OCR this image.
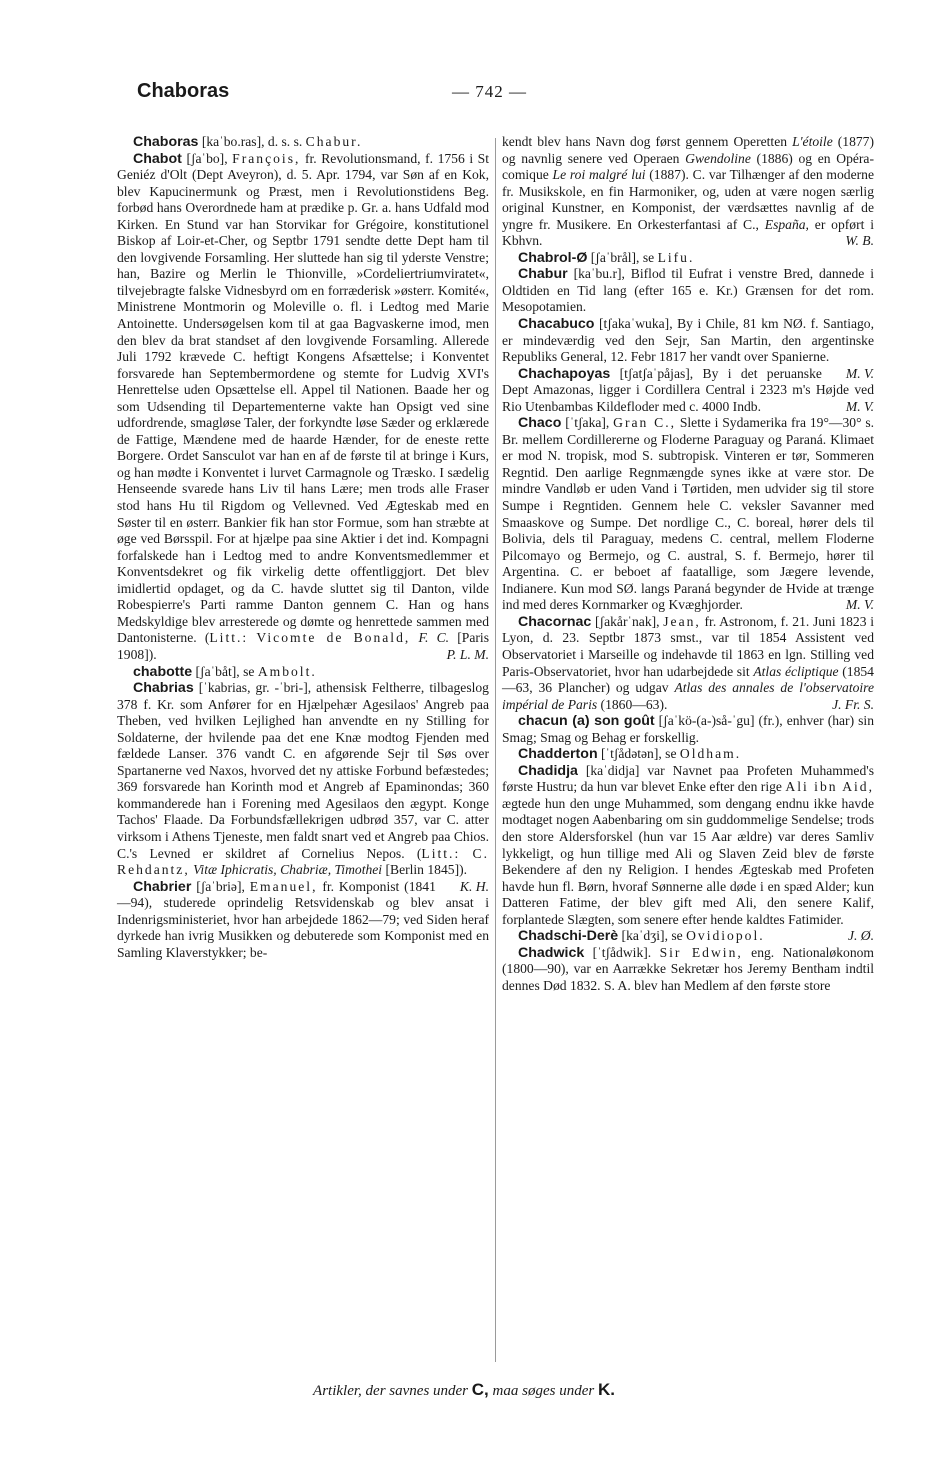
Chaboras	— 742 —

Chaboras [kaˈbo.ras], d. s. s. Chabur.

Chabot [ʃaˈbo], François, fr. Revolutionsmand, f. 1756 i St Geniéz d'Olt (Dept Aveyron), d. 5. Apr. 1794, var Søn af en Kok, blev Kapucinermunk og Præst, men i Revolutionstidens Beg. forbød hans Overordnede ham at prædike p. Gr. a. hans Udfald mod Kirken. En Stund var han Storvikar for Grégoire, konstitutionel Biskop af Loir-et-Cher, og Septbr 1791 sendte dette Dept ham til den lovgivende Forsamling. Her sluttede han sig til yderste Venstre; han, Bazire og Merlin le Thionville, »Cordeliertriumviratet«, tilvejebragte falske Vidnesbyrd om en forræderisk »østerr. Komité«, Ministrene Montmorin og Moleville o. fl. i Ledtog med Marie Antoinette. Undersøgelsen kom til at gaa Bagvaskerne imod, men den blev da brat standset af den lovgivende Forsamling. Allerede Juli 1792 krævede C. heftigt Kongens Afsættelse; i Konventet forsvarede han Septembermordene og stemte for Ludvig XVI's Henrettelse uden Opsættelse ell. Appel til Nationen. Baade her og som Udsending til Departementerne vakte han Opsigt ved sine udfordrende, smagløse Taler, der forkyndte løse Sæder og erklærede de Fattige, Mændene med de haarde Hænder, for de eneste rette Borgere. Ordet Sansculot var han en af de første til at bringe i Kurs, og han mødte i Konventet i lurvet Carmagnole og Træsko. I sædelig Henseende svarede hans Liv til hans Lære; men trods alle Fraser stod hans Hu til Rigdom og Vellevned. Ved Ægteskab med en Søster til en østerr. Bankier fik han stor Formue, som han stræbte at øge ved Børsspil. For at hjælpe paa sine Aktier i det ind. Kompagni forfalskede han i Ledtog med to andre Konventsmedlemmer et Konventsdekret og fik virkelig dette offentliggjort. Det blev imidlertid opdaget, og da C. havde sluttet sig til Danton, vilde Robespierre's Parti ramme Danton gennem C. Han og hans Medskyldige blev arresterede og dømte og henrettede sammen med Dantonisterne. (Litt.: Vicomte de Bonald, F. C. [Paris 1908]).	P. L. M.

chabotte [ʃaˈbåt], se Ambolt.

Chabrias [ˈkabrias, gr. -ˈbri-], athensisk Feltherre, tilbageslog 378 f. Kr. som Anfører for en Hjælpehær Agesilaos' Angreb paa Theben, ved hvilken Lejlighed han anvendte en ny Stilling for Soldaterne, der hvilende paa det ene Knæ modtog Fjenden med fældede Lanser. 376 vandt C. en afgørende Sejr til Søs over Spartanerne ved Naxos, hvorved det ny attiske Forbund befæstedes; 369 forsvarede han Korinth mod et Angreb af Epaminondas; 360 kommanderede han i Forening med Agesilaos den ægypt. Konge Tachos' Flaade. Da Forbundsfællekrigen udbrød 357, var C. atter virksom i Athens Tjeneste, men faldt snart ved et Angreb paa Chios. C.'s Levned er skildret af Cornelius Nepos. (Litt.: C. Rehdantz, Vitæ Iphicratis, Chabriæ, Timothei [Berlin 1845]).
K. H.

Chabrier [ʃaˈbriə], Emanuel, fr. Komponist (1841—94), studerede oprindelig Retsvidenskab og blev ansat i Indenrigsministeriet, hvor han arbejdede 1862—79; ved Siden heraf dyrkede han ivrig Musikken og debuterede som Komponist med en Samling Klaverstykker; be-

kendt blev hans Navn dog først gennem Operetten L'étoile (1877) og navnlig senere ved Operaen Gwendoline (1886) og en Opéra-comique Le roi malgré lui (1887). C. var Tilhænger af den moderne fr. Musikskole, en fin Harmoniker, og, uden at være nogen særlig original Kunstner, en Komponist, der værdsættes navnlig af de yngre fr. Musikere. En Orkesterfantasi af C., España, er opført i Kbhvn.	W. B.

Chabrol-Ø [ʃaˈbrål], se Lifu.

Chabur [kaˈbu.r], Biflod til Eufrat i venstre Bred, dannede i Oldtiden en Tid lang (efter 165 e. Kr.) Grænsen for det rom. Mesopotamien.

Chacabuco [tʃakaˈwuka], By i Chile, 81 km NØ. f. Santiago, er mindeværdig ved den Sejr, San Martin, den argentinske Republiks General, 12. Febr 1817 her vandt over Spanierne.
M. V.

Chachapoyas [tʃatʃaˈpåjas], By i det peruanske Dept Amazonas, ligger i Cordillera Central i 2323 m's Højde ved Rio Utenbambas Kildefloder med c. 4000 Indb.	M. V.

Chaco [ˈtʃaka], Gran C., Slette i Sydamerika fra 19°—30° s. Br. mellem Cordillererne og Floderne Paraguay og Paraná. Klimaet er mod N. tropisk, mod S. subtropisk. Vinteren er tør, Sommeren Regntid. Den aarlige Regnmængde synes ikke at være stor. De mindre Vandløb er uden Vand i Tørtiden, men udvider sig til store Sumpe i Regntiden. Gennem hele C. veksler Savanner med Smaaskove og Sumpe. Det nordlige C., C. boreal, hører dels til Bolivia, dels til Paraguay, medens C. central, mellem Floderne Pilcomayo og Bermejo, og C. austral, S. f. Bermejo, hører til Argentina. C. er beboet af faatallige, som Jægere levende, Indianere. Kun mod SØ. langs Paraná begynder de Hvide at trænge ind med deres Kornmarker og Kvæghjorder.	M. V.

Chacornac [ʃakårˈnak], Jean, fr. Astronom, f. 21. Juni 1823 i Lyon, d. 23. Septbr 1873 smst., var til 1854 Assistent ved Observatoriet i Marseille og indehavde til 1863 en lgn. Stilling ved Paris-Observatoriet, hvor han udarbejdede sit Atlas écliptique (1854—63, 36 Plancher) og udgav Atlas des annales de l'observatoire impérial de Paris (1860—63).	J. Fr. S.

chacun (a) son goût [ʃaˈkö-(a-)så-ˈgu] (fr.), enhver (har) sin Smag; Smag og Behag er forskellig.

Chadderton [ˈtʃådətən], se Oldham.

Chadidja [kaˈdidja] var Navnet paa Profeten Muhammed's første Hustru; da hun var blevet Enke efter den rige Ali ibn Aid, ægtede hun den unge Muhammed, som dengang endnu ikke havde modtaget nogen Aabenbaring om sin guddommelige Sendelse; trods den store Aldersforskel (hun var 15 Aar ældre) var deres Samliv lykkeligt, og hun tillige med Ali og Slaven Zeid blev de første Bekendere af den ny Religion. I hendes Ægteskab med Profeten havde hun fl. Børn, hvoraf Sønnerne alle døde i en spæd Alder; kun Datteren Fatime, der blev gift med Ali, den senere Kalif, forplantede Slægten, som senere efter hende kaldtes Fatimider.
J. Ø.

Chadschi-Derè [kaˈdʒi], se Ovidiopol.

Chadwick [ˈtʃådwik]. Sir Edwin, eng. Nationaløkonom (1800—90), var en Aarrække Sekretær hos Jeremy Bentham indtil dennes Død 1832. S. A. blev han Medlem af den første store

Artikler, der savnes under C, maa søges under K.
